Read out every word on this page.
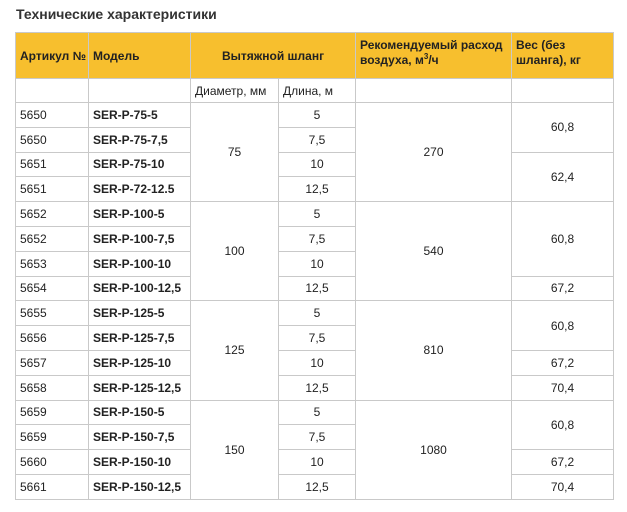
Технические характеристики
Артикул №	Модель	Вытяжной шланг		Рекомендуемый расход воздуха, $м^3/ч$	Вес (без шланга), кг
		Диаметр, мм	Длина, м		
5650	SER-P-75-5	75	5	270	60,8
5650	SER-P-75-7,5		7,5		
5651	SER-P-75-10		10		62,4
5651	SER-P-72-12.5		12,5		
5652	SER-P-100-5	100	5	540	60,8
5652	SER-P-100-7,5		7,5		
5653	SER-P-100-10		10		
5654	SER-P-100-12,5		12,5		67,2
5655	SER-P-125-5	125	5	810	60,8
5656	SER-P-125-7,5		7,5		
5657	SER-P-125-10		10		67,2
5658	SER-P-125-12,5		12,5		70,4
5659	SER-P-150-5	150	5	1080	60,8
5659	SER-P-150-7,5		7,5		
5660	SER-P-150-10		10		67,2
5661	SER-P-150-12,5		12,5		70,4
